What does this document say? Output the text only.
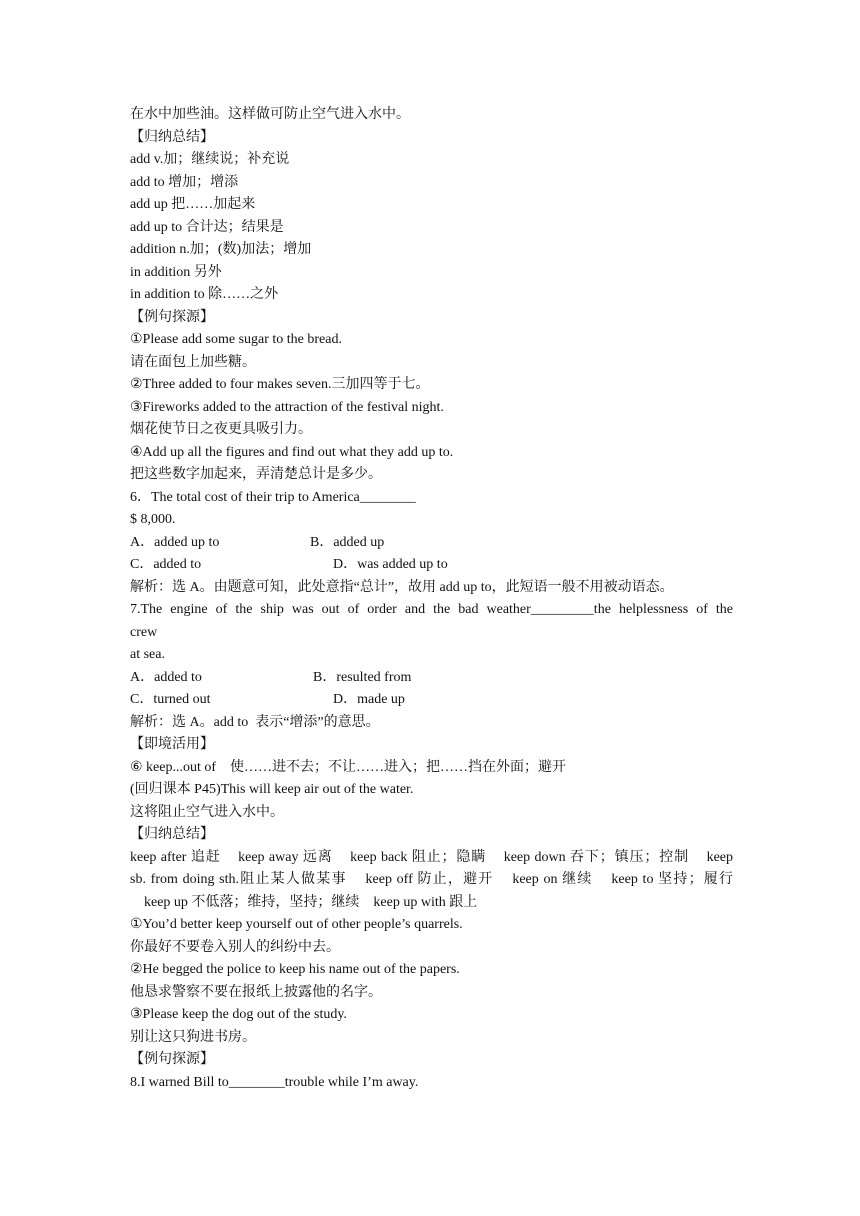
在水中加些油。这样做可防止空气进入水中。
【归纳总结】
add v.加；继续说；补充说
add to 增加；增添
add up 把……加起来
add up to 合计达；结果是
addition n.加；(数)加法；增加
in addition 另外
in addition to 除……之外
【例句探源】
①Please add some sugar to the bread.
请在面包上加些糖。
②Three added to four makes seven.三加四等于七。
③Fireworks added to the attraction of the festival night.
烟花使节日之夜更具吸引力。
④Add up all the figures and find out what they add up to.
把这些数字加起来，弄清楚总计是多少。
6．The total cost of their trip to America________
$ 8,000.
A．added up to	B．added up
C．added to	D．was added up to
解析：选 A。由题意可知，此处意指“总计”，故用 add up to，此短语一般不用被动语态。
7.The engine of the ship was out of order and the bad weather_________the helplessness of the
crew
at sea.
A．added to	B．resulted from
C．turned out	D．made up
解析：选 A。add to  表示“增添”的意思。
【即境活用】
⑥ keep...out of    使……进不去；不让……进入；把……挡在外面；避开
(回归课本 P45)This will keep air out of the water.
这将阻止空气进入水中。
【归纳总结】
keep after 追赶    keep away 远离    keep back 阻止；隐瞒    keep down 吞下；镇压；控制    keep
sb. from doing sth.阻止某人做某事    keep off 防止，避开    keep on 继续    keep to 坚持；履行
keep up 不低落；维持，坚持；继续    keep up with 跟上
①You’d better keep yourself out of other people’s quarrels.
你最好不要卷入别人的纠纷中去。
②He begged the police to keep his name out of the papers.
他恳求警察不要在报纸上披露他的名字。
③Please keep the dog out of the study.
别让这只狗进书房。
【例句探源】
8.I warned Bill to________trouble while I’m away.
